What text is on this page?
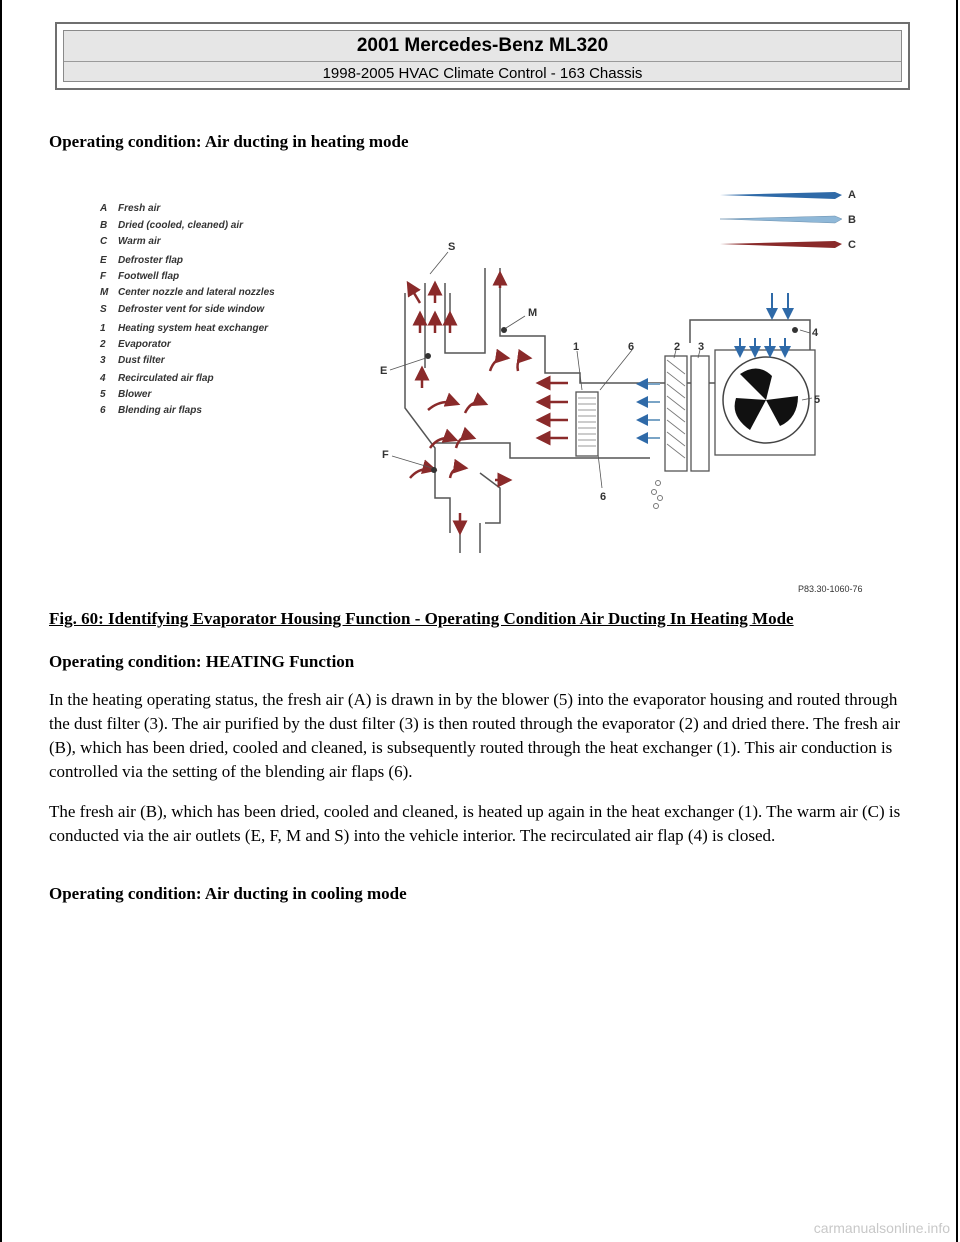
2001 Mercedes-Benz ML320
1998-2005 HVAC Climate Control - 163 Chassis
Operating condition: Air ducting in heating mode
A Fresh air
B Dried (cooled, cleaned) air
C Warm air
E Defroster flap
F Footwell flap
M Center nozzle and lateral nozzles
S Defroster vent for side window
1 Heating system heat exchanger
2 Evaporator
3 Dust filter
4 Recirculated air flap
5 Blower
6 Blending air flaps
A
B
C
S
M
E
F
1	6	2 3
4
5
6
P83.30-1060-76
Fig. 60: Identifying Evaporator Housing Function - Operating Condition Air Ducting In Heating Mode
Operating condition: HEATING Function

In the heating operating status, the fresh air (A) is drawn in by the blower (5) into the evaporator housing and routed through the dust filter (3). The air purified by the dust filter (3) is then routed through the evaporator (2) and dried there. The fresh air (B), which has been dried, cooled and cleaned, is subsequently routed through the heat exchanger (1). This air conduction is controlled via the setting of the blending air flaps (6).

The fresh air (B), which has been dried, cooled and cleaned, is heated up again in the heat exchanger (1). The warm air (C) is conducted via the air outlets (E, F, M and S) into the vehicle interior. The recirculated air flap (4) is closed.

Operating condition: Air ducting in cooling mode
carmanualsonline.info
